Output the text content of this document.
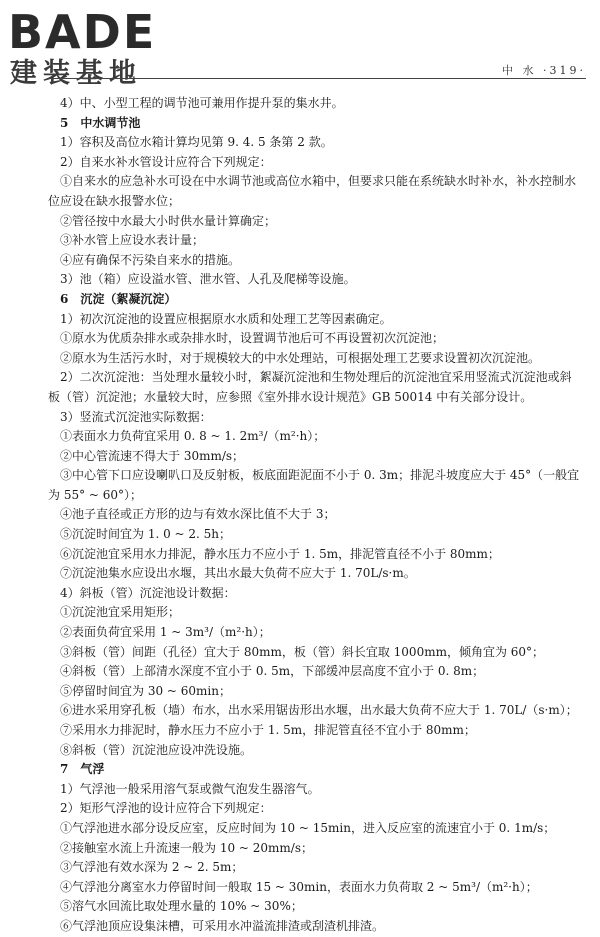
BADE
建装基地	中 水 ·319·

4）中、小型工程的调节池可兼用作提升泵的集水井。

5　中水调节池

1）容积及高位水箱计算均见第 9. 4. 5 条第 2 款。

2）自来水补水管设计应符合下列规定：

①自来水的应急补水可设在中水调节池或高位水箱中，但要求只能在系统缺水时补水，补水控制水

位应设在缺水报警水位；

②管径按中水最大小时供水量计算确定；

③补水管上应设水表计量；

④应有确保不污染自来水的措施。

3）池（箱）应设溢水管、泄水管、人孔及爬梯等设施。

6　沉淀（絮凝沉淀）

1）初次沉淀池的设置应根据原水水质和处理工艺等因素确定。

①原水为优质杂排水或杂排水时，设置调节池后可不再设置初次沉淀池；

②原水为生活污水时，对于规模较大的中水处理站，可根据处理工艺要求设置初次沉淀池。

2）二次沉淀池：当处理水量较小时，絮凝沉淀池和生物处理后的沉淀池宜采用竖流式沉淀池或斜

板（管）沉淀池；水量较大时，应参照《室外排水设计规范》GB 50014 中有关部分设计。

3）竖流式沉淀池实际数据：

①表面水力负荷宜采用 0. 8 ~ 1. 2m³/（m²·h）；

②中心管流速不得大于 30mm/s；

③中心管下口应设喇叭口及反射板，板底面距泥面不小于 0. 3m；排泥斗坡度应大于 45°（一般宜

为 55° ~ 60°）；

④池子直径或正方形的边与有效水深比值不大于 3；

⑤沉淀时间宜为 1. 0 ~ 2. 5h；

⑥沉淀池宜采用水力排泥，静水压力不应小于 1. 5m，排泥管直径不小于 80mm；

⑦沉淀池集水应设出水堰，其出水最大负荷不应大于 1. 70L/s·m。

4）斜板（管）沉淀池设计数据：

①沉淀池宜采用矩形；

②表面负荷宜采用 1 ~ 3m³/（m²·h）；

③斜板（管）间距（孔径）宜大于 80mm，板（管）斜长宜取 1000mm，倾角宜为 60°；

④斜板（管）上部清水深度不宜小于 0. 5m，下部缓冲层高度不宜小于 0. 8m；

⑤停留时间宜为 30 ~ 60min；

⑥进水采用穿孔板（墙）布水，出水采用锯齿形出水堰，出水最大负荷不应大于 1. 70L/（s·m）；

⑦采用水力排泥时，静水压力不应小于 1. 5m，排泥管直径不宜小于 80mm；

⑧斜板（管）沉淀池应设冲洗设施。

7　气浮

1）气浮池一般采用溶气泵或微气泡发生器溶气。

2）矩形气浮池的设计应符合下列规定：

①气浮池进水部分设反应室，反应时间为 10 ~ 15min，进入反应室的流速宜小于 0. 1m/s；

②接触室水流上升流速一般为 10 ~ 20mm/s；

③气浮池有效水深为 2 ~ 2. 5m；

④气浮池分离室水力停留时间一般取 15 ~ 30min，表面水力负荷取 2 ~ 5m³/（m²·h）；

⑤溶气水回流比取处理水量的 10% ~ 30%；

⑥气浮池顶应设集沫槽，可采用水冲溢流排渣或刮渣机排渣。
